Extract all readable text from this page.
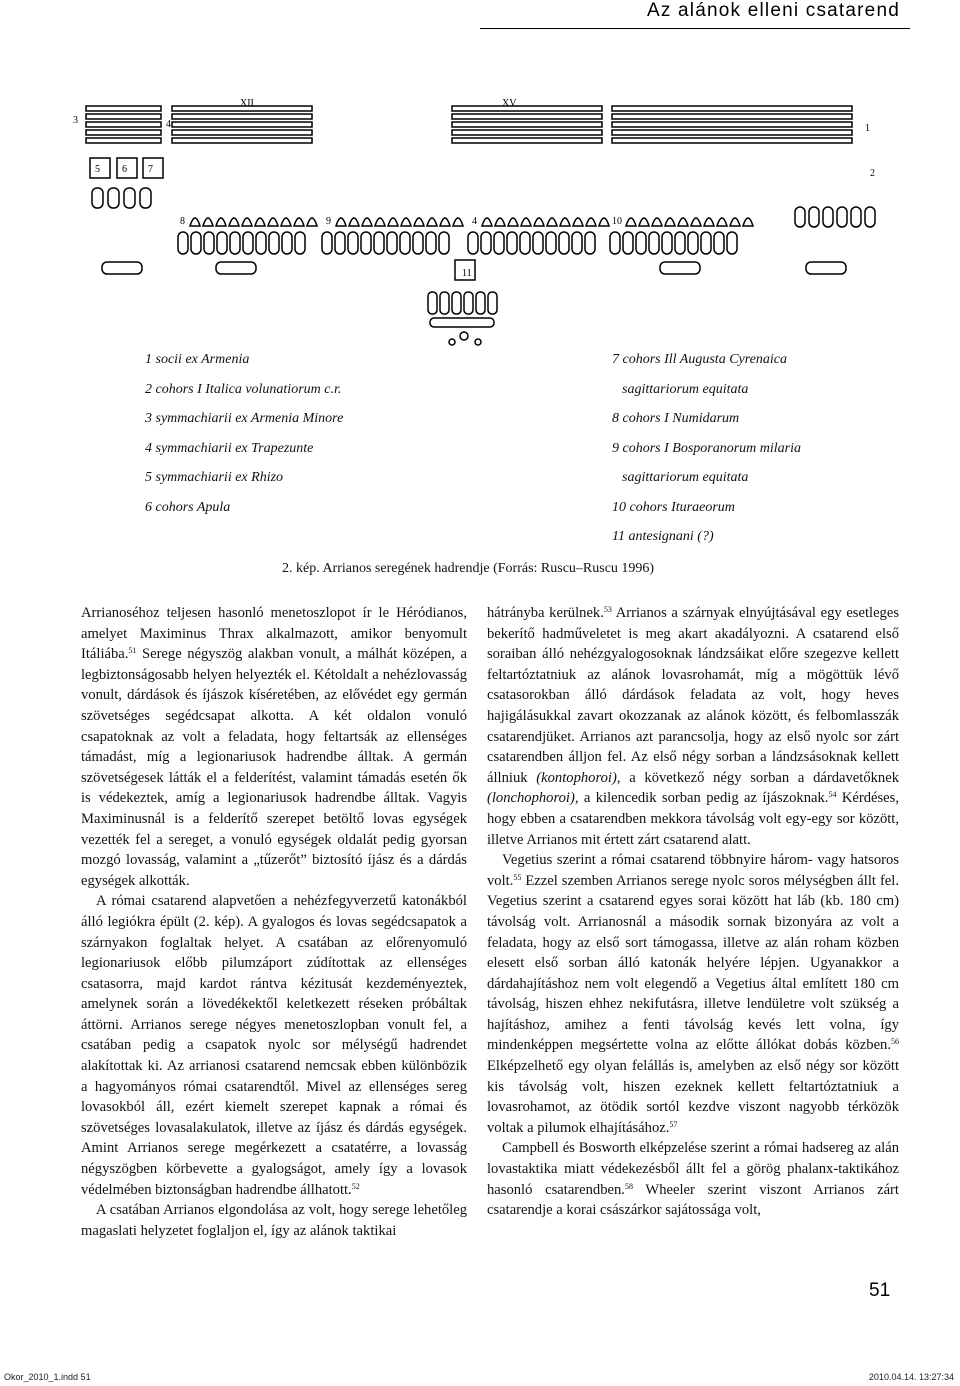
Az alánok elleni csatarend
XII	XV
3	4	1
2
5 6 7
8	9	4	10
11
1 socii ex Armenia
2 cohors I Italica volunatiorum c.r.
3 symmachiarii ex Armenia Minore
4 symmachiarii ex Trapezunte
5 symmachiarii ex Rhizo
6 cohors Apula
7 cohors Ill Augusta Cyrenaica
sagittariorum equitata
8 cohors I Numidarum
9 cohors I Bosporanorum milaria
sagittariorum equitata
10 cohors Ituraeorum
11 antesignani (?)
2. kép. Arrianos seregének hadrendje (Forrás: Ruscu–Ruscu 1996)

Arrianoséhoz teljesen hasonló menetoszlopot ír le Héródianos, amelyet Maximinus Thrax alkalmazott, amikor benyomult Itáliába.$^{51}$ Serege négyszög alakban vonult, a málhát középen, a legbiztonságosabb helyen helyezték el. Kétoldalt a nehézlovasság vonult, dárdások és íjászok kíséretében, az elővédet egy germán szövetséges segédcsapat alkotta. A két oldalon vonuló csapatoknak az volt a feladata, hogy feltartsák az ellenséges támadást, míg a legionariusok hadrendbe álltak. A germán szövetségesek látták el a felderítést, valamint támadás esetén ők is védekeztek, amíg a legionariusok hadrendbe álltak. Vagyis Maximinusnál is a felderítő szerepet betöltő lovas egységek vezették fel a sereget, a vonuló egységek oldalát pedig gyorsan mozgó lovasság, valamint a „tűzerőt” biztosító íjász és a dárdás egységek alkották.

A római csatarend alapvetően a nehézfegyverzetű katonákból álló legiókra épült (2. kép). A gyalogos és lovas segédcsapatok a szárnyakon foglaltak helyet. A csatában az előrenyomuló legionariusok előbb pilumzáport zúdítottak az ellenséges csatasorra, majd kardot rántva kézitusát kezdeményeztek, amelynek során a lövedékektől keletkezett réseken próbáltak áttörni. Arrianos serege négyes menetoszlopban vonult fel, a csatában pedig a csapatok nyolc sor mélységű hadrendet alakítottak ki. Az arrianosi csatarend nemcsak ebben különbözik a hagyományos római csatarendtől. Mivel az ellenséges sereg lovasokból áll, ezért kiemelt szerepet kapnak a római és szövetséges lovasalakulatok, illetve az íjász és dárdás egységek. Amint Arrianos serege megérkezett a csatatérre, a lovasság négyszögben körbevette a gyalogságot, amely így a lovasok védelmében biztonságban hadrendbe állhatott.$^{52}$

A csatában Arrianos elgondolása az volt, hogy serege lehetőleg magaslati helyzetet foglaljon el, így az alánok taktikai

hátrányba kerülnek.$^{53}$ Arrianos a szárnyak elnyújtásával egy esetleges bekerítő hadműveletet is meg akart akadályozni. A csatarend első soraiban álló nehézgyalogosoknak lándzsáikat előre szegezve kellett feltartóztatniuk az alánok lovasrohamát, míg a mögöttük lévő csatasorokban álló dárdások feladata az volt, hogy heves hajigálásukkal zavart okozzanak az alánok között, és felbomlasszák csatarendjüket. Arrianos azt parancsolja, hogy az első nyolc sor zárt csatarendben álljon fel. Az első négy sorban a lándzsásoknak kellett állniuk (kontophoroi), a következő négy sorban a dárdavetőknek (lonchophoroi), a kilencedik sorban pedig az íjászoknak.$^{54}$ Kérdéses, hogy ebben a csatarendben mekkora távolság volt egy-egy sor között, illetve Arrianos mit értett zárt csatarend alatt.

Vegetius szerint a római csatarend többnyire három- vagy hatsoros volt.$^{55}$ Ezzel szemben Arrianos serege nyolc soros mélységben állt fel. Vegetius szerint a csatarend egyes sorai között hat láb (kb. 180 cm) távolság volt. Arrianosnál a második sornak bizonyára az volt a feladata, hogy az első sort támogassa, illetve az alán roham közben elesett első sorban álló katonák helyére lépjen. Ugyanakkor a dárdahajításhoz nem volt elegendő a Vegetius által említett 180 cm távolság, hiszen ehhez nekifutásra, illetve lendületre volt szükség a hajításhoz, amihez a fenti távolság kevés lett volna, így mindenképpen megsértette volna az előtte állókat dobás közben.$^{56}$ Elképzelhető egy olyan felállás is, amelyben az első négy sor között kis távolság volt, hiszen ezeknek kellett feltartóztatniuk a lovasrohamot, az ötödik sortól kezdve viszont nagyobb térközök voltak a pilumok elhajításához.$^{57}$

Campbell és Bosworth elképzelése szerint a római hadsereg az alán lovastaktika miatt védekezésből állt fel a görög phalanx-taktikához hasonló csatarendben.$^{58}$ Wheeler szerint viszont Arrianos zárt csatarendje a korai császárkor sajátossága volt,

51
Okor_2010_1.indd 51	2010.04.14. 13:27:34
